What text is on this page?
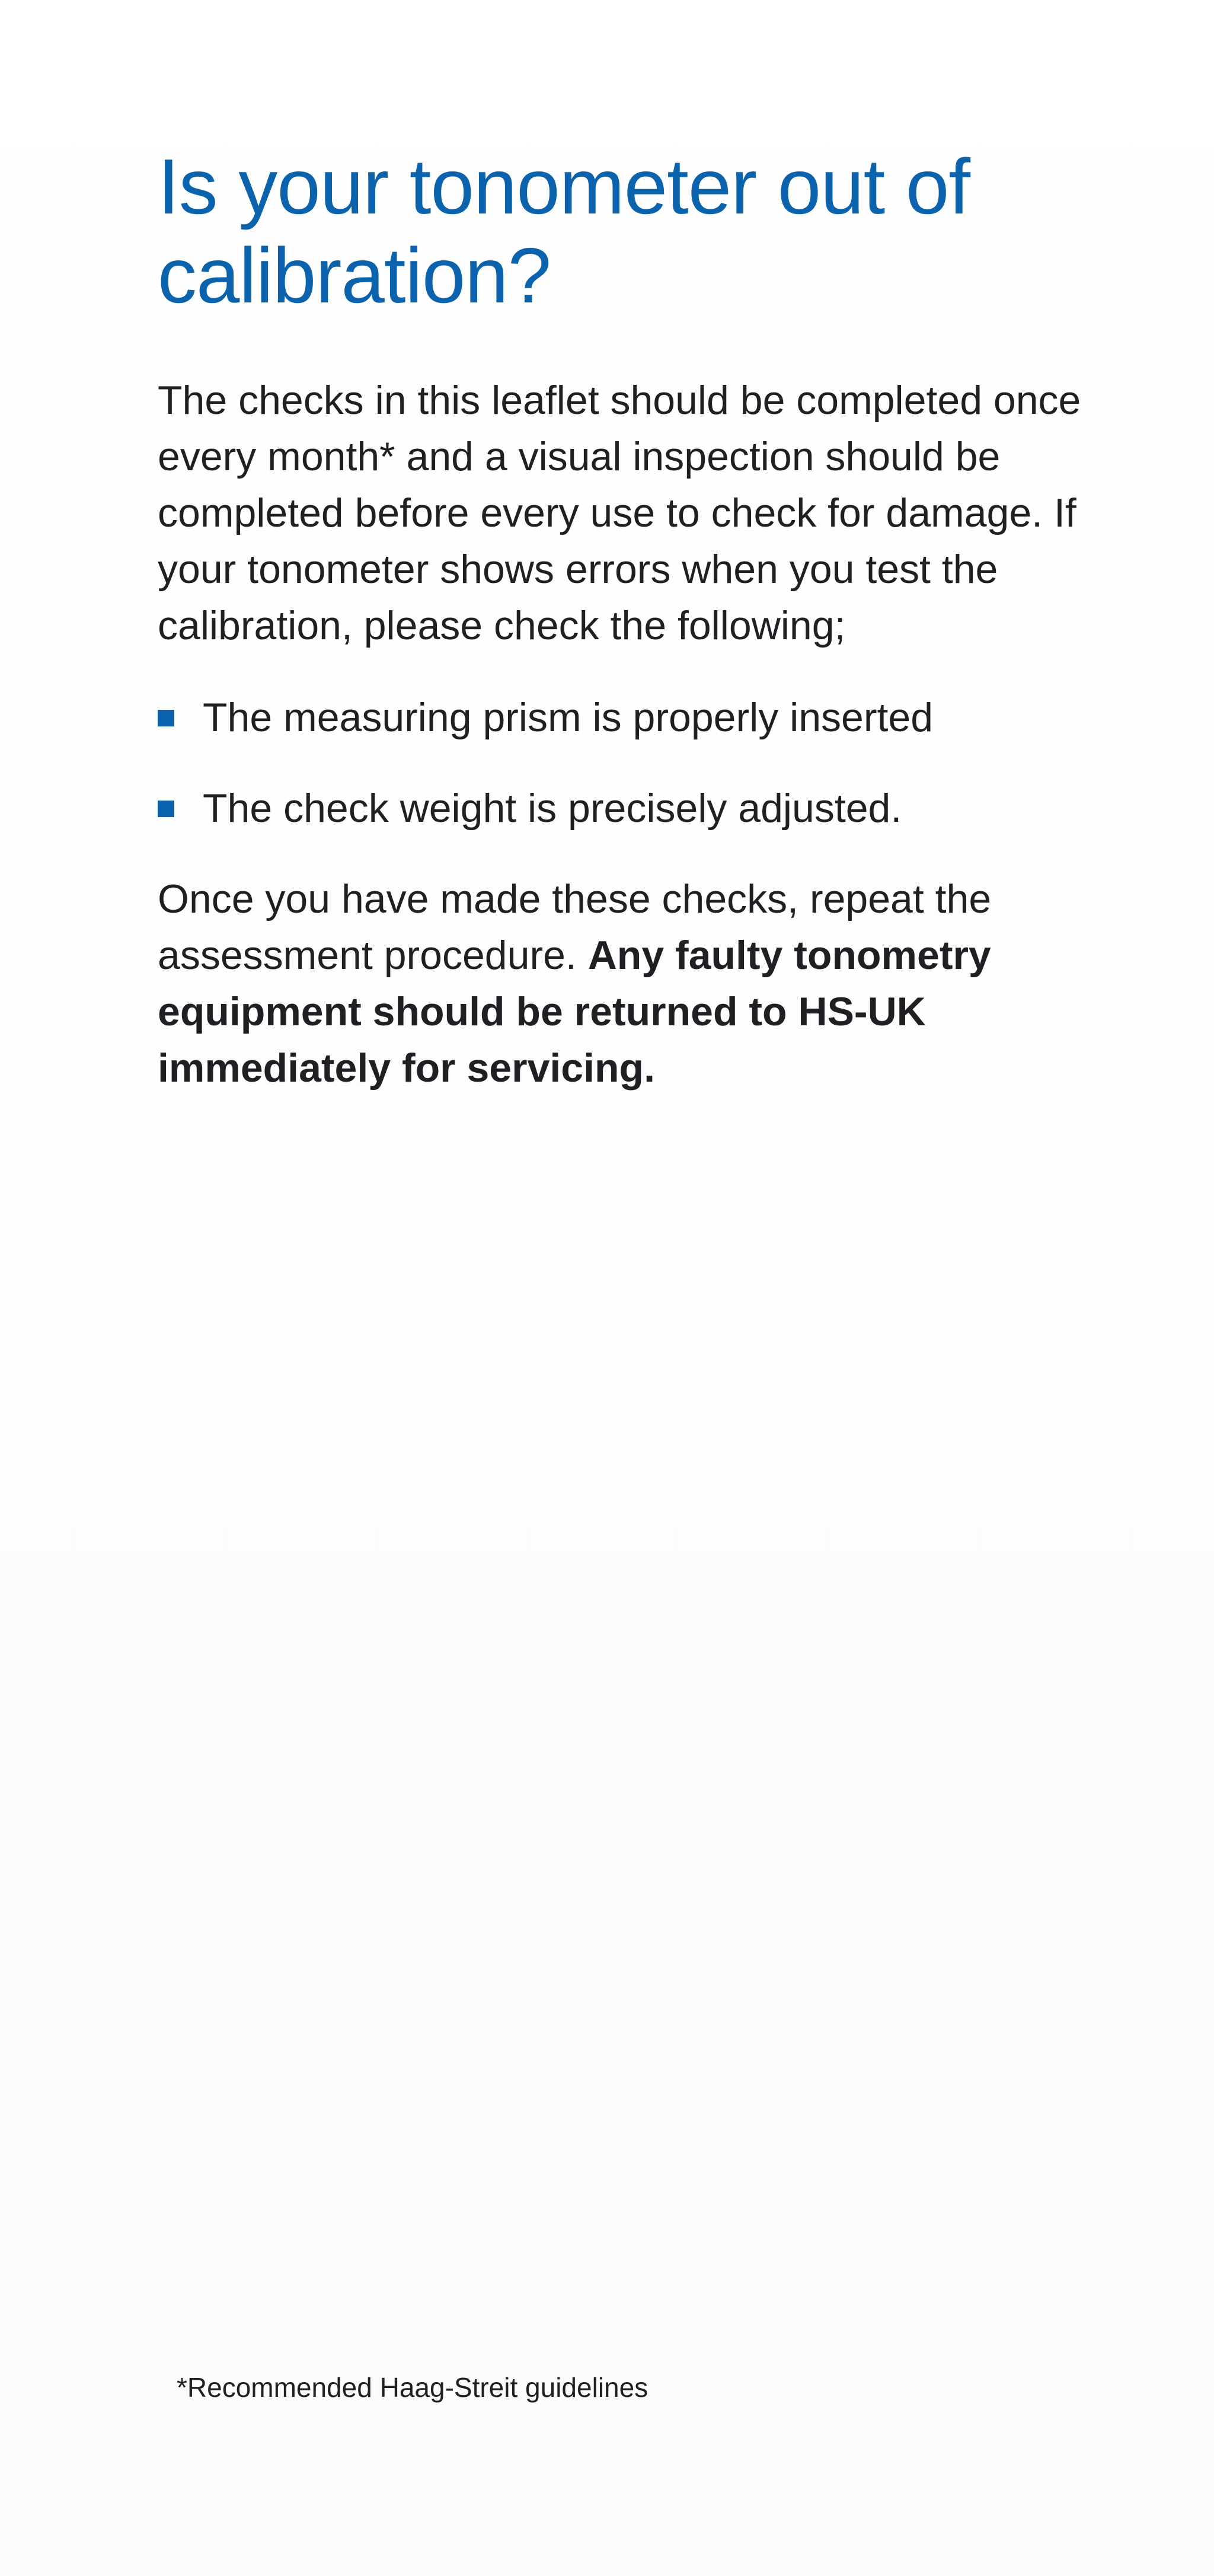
Is your tonometer out of calibration?

The checks in this leaflet should be completed once every month* and a visual inspection should be completed before every use to check for damage. If your tonometer shows errors when you test the calibration, please check the following;

The measuring prism is properly inserted
The check weight is precisely adjusted.

Once you have made these checks, repeat the assessment procedure. Any faulty tonometry equipment should be returned to HS-UK immediately for servicing.

*Recommended Haag-Streit guidelines
